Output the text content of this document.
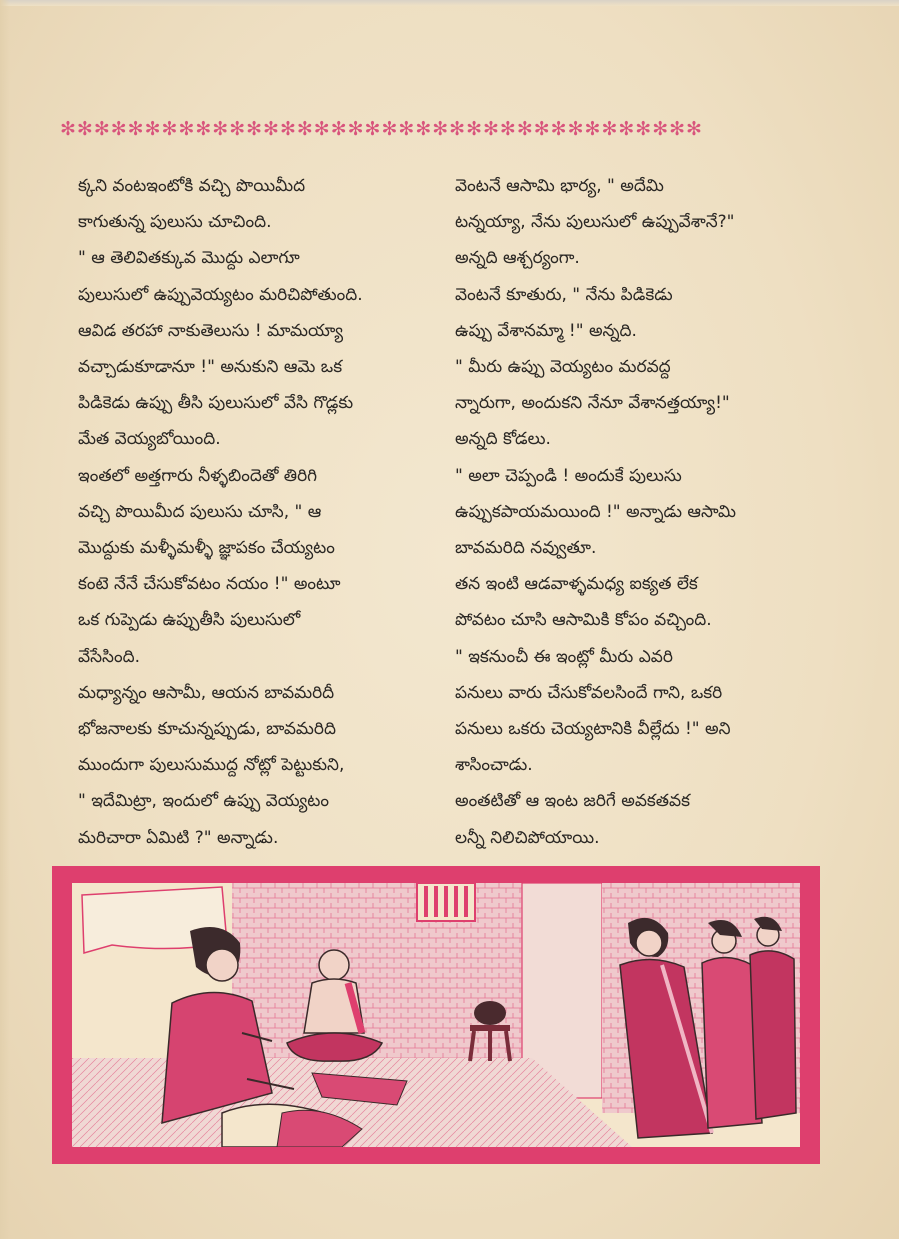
✻✻✻✻✻✻✻✻✻✻✻✻✻✻✻✻✻✻✻✻✻✻✻✻✻✻✻✻✻✻✻✻✻✻✻✻✻✻

క్కని వంటఇంటోకి వచ్చి పొయిమీద
కాగుతున్న పులుసు చూచింది.

" ఆ తెలివితక్కువ మొద్దు ఎలాగూ
పులుసులో ఉప్పువెయ్యటం మరిచిపోతుంది.
ఆవిడ తరహా నాకుతెలుసు ! మామయ్యా
వచ్చాడుకూడానూ !" అనుకుని ఆమె ఒక
పిడికెడు ఉప్పు తీసి పులుసులో వేసి గొడ్లకు
మేత వెయ్యబోయింది.

ఇంతలో అత్తగారు నీళ్ళబిందెతో తిరిగి
వచ్చి పొయిమీద పులుసు చూసి, " ఆ
మొద్దుకు మళ్ళీమళ్ళీ జ్ఞాపకం చేయ్యటం
కంటె నేనే చేసుకోవటం నయం !" అంటూ
ఒక గుప్పెడు ఉప్పుతీసి పులుసులో
వేసేసింది.

మధ్యాన్నం ఆసామీ, ఆయన బావమరిదీ
భోజనాలకు కూచున్నప్పుడు, బావమరిది
ముందుగా పులుసుముద్ద నోట్లో పెట్టుకుని,
" ఇదేమిట్రా, ఇందులో ఉప్పు వెయ్యటం
మరిచారా ఏమిటి ?" అన్నాడు.

వెంటనే ఆసామి భార్య, " అదేమి
టన్నయ్యా, నేను పులుసులో ఉప్పువేశానే?"
అన్నది ఆశ్చర్యంగా.

వెంటనే కూతురు, " నేను పిడికెడు
ఉప్పు వేశానమ్మా !" అన్నది.

" మీరు ఉప్పు వెయ్యటం మరవద్ద
న్నారుగా, అందుకని నేనూ వేశానత్తయ్యా!"
అన్నది కోడలు.

" అలా చెప్పండి ! అందుకే పులుసు
ఉప్పుకపాయమయింది !" అన్నాడు ఆసామి
బావమరిది నవ్వుతూ.

తన ఇంటి ఆడవాళ్ళమధ్య ఐక్యత లేక
పోవటం చూసి ఆసామికి కోపం వచ్చింది.

" ఇకనుంచీ ఈ ఇంట్లో మీరు ఎవరి
పనులు వారు చేసుకోవలసిందే గాని, ఒకరి
పనులు ఒకరు చెయ్యటానికి వీల్లేదు !" అని
శాసించాడు.

అంతటితో ఆ ఇంట జరిగే అవకతవక
లన్నీ నిలిచిపోయాయి.
